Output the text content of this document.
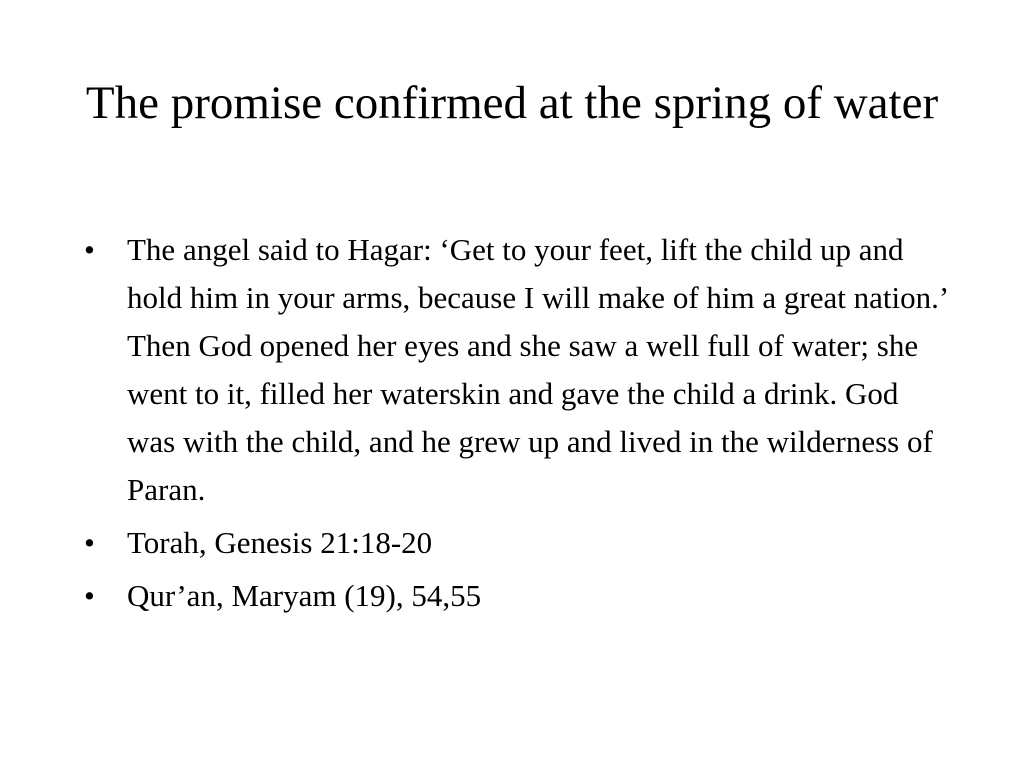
The promise confirmed at the spring of water
•	The angel said to Hagar: ‘Get to your feet, lift the child up and hold him in your arms, because I will make of him a great nation.’ Then God opened her eyes and she saw a well full of water; she went to it, filled her waterskin and gave the child a drink. God was with the child, and he grew up and lived in the wilderness of Paran.
•	Torah, Genesis 21:18-20
•	Qur’an, Maryam (19), 54,55
